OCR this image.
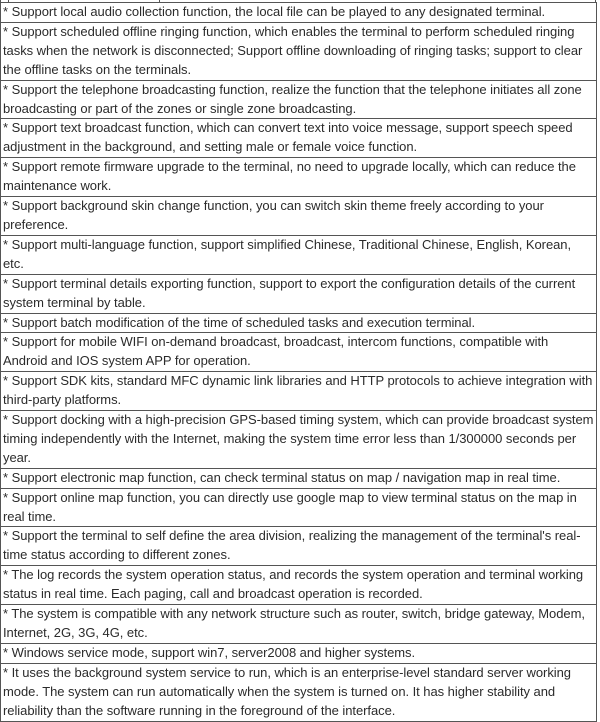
* Support local audio collection function, the local file can be played to any designated terminal.
* Support scheduled offline ringing function, which enables the terminal to perform scheduled ringing tasks when the network is disconnected; Support offline downloading of ringing tasks; support to clear the offline tasks on the terminals.
* Support the telephone broadcasting function, realize the function that the telephone initiates all zone broadcasting or part of the zones or single zone broadcasting.
* Support text broadcast function, which can convert text into voice message, support speech speed adjustment in the background, and setting male or female voice function.
* Support remote firmware upgrade to the terminal, no need to upgrade locally, which can reduce the maintenance work.
* Support background skin change function, you can switch skin theme freely according to your preference.
* Support multi-language function, support simplified Chinese, Traditional Chinese, English, Korean, etc.
* Support terminal details exporting function, support to export the configuration details of the current system terminal by table.
* Support batch modification of the time of scheduled tasks and execution terminal.
* Support for mobile WIFI on-demand broadcast, broadcast, intercom functions, compatible with Android and IOS system APP for operation.
* Support SDK kits, standard MFC dynamic link libraries and HTTP protocols to achieve integration with third-party platforms.
* Support docking with a high-precision GPS-based timing system, which can provide broadcast system timing independently with the Internet, making the system time error less than 1/300000 seconds per year.
* Support electronic map function, can check terminal status on map / navigation map in real time.
* Support online map function, you can directly use google map to view terminal status on the map in real time.
* Support the terminal to self define the area division, realizing the management of the terminal's real-time status according to different zones.
* The log records the system operation status, and records the system operation and terminal working status in real time. Each paging, call and broadcast operation is recorded.
* The system is compatible with any network structure such as router, switch, bridge gateway, Modem, Internet, 2G, 3G, 4G, etc.
* Windows service mode, support win7, server2008 and higher systems.
* It uses the background system service to run, which is an enterprise-level standard server working mode. The system can run automatically when the system is turned on. It has higher stability and reliability than the software running in the foreground of the interface.
